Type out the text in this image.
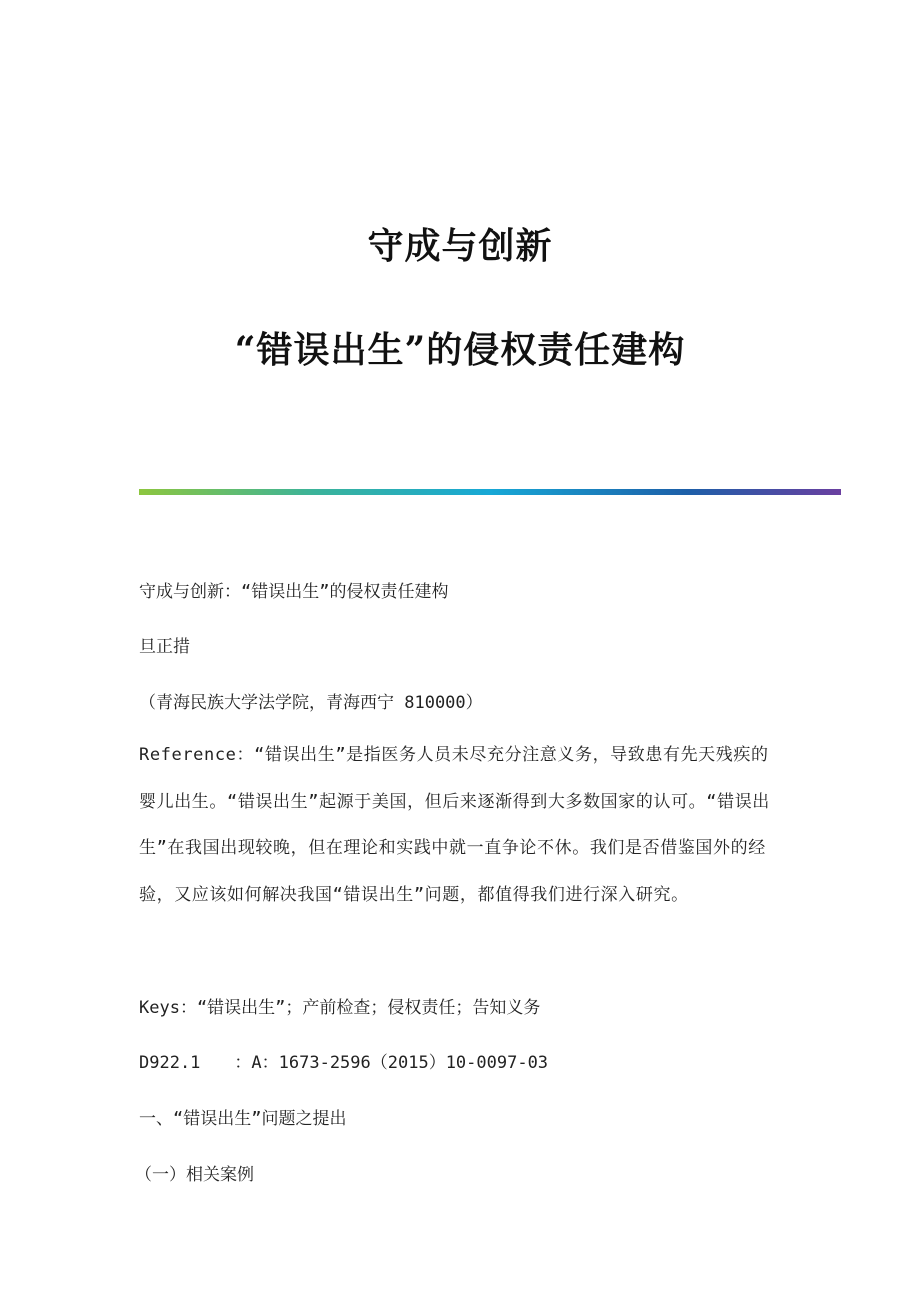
守成与创新
“错误出生”的侵权责任建构

守成与创新：“错误出生”的侵权责任建构

旦正措

（青海民族大学法学院，青海西宁 810000）

Reference：“错误出生”是指医务人员未尽充分注意义务，导致患有先天残疾的婴儿出生。“错误出生”起源于美国，但后来逐渐得到大多数国家的认可。“错误出生”在我国出现较晚，但在理论和实践中就一直争论不休。我们是否借鉴国外的经验，又应该如何解决我国“错误出生”问题，都值得我们进行深入研究。

Keys：“错误出生”；产前检查；侵权责任；告知义务

D922.1　　：A：1673-2596（2015）10-0097-03

一、“错误出生”问题之提出

（一）相关案例
